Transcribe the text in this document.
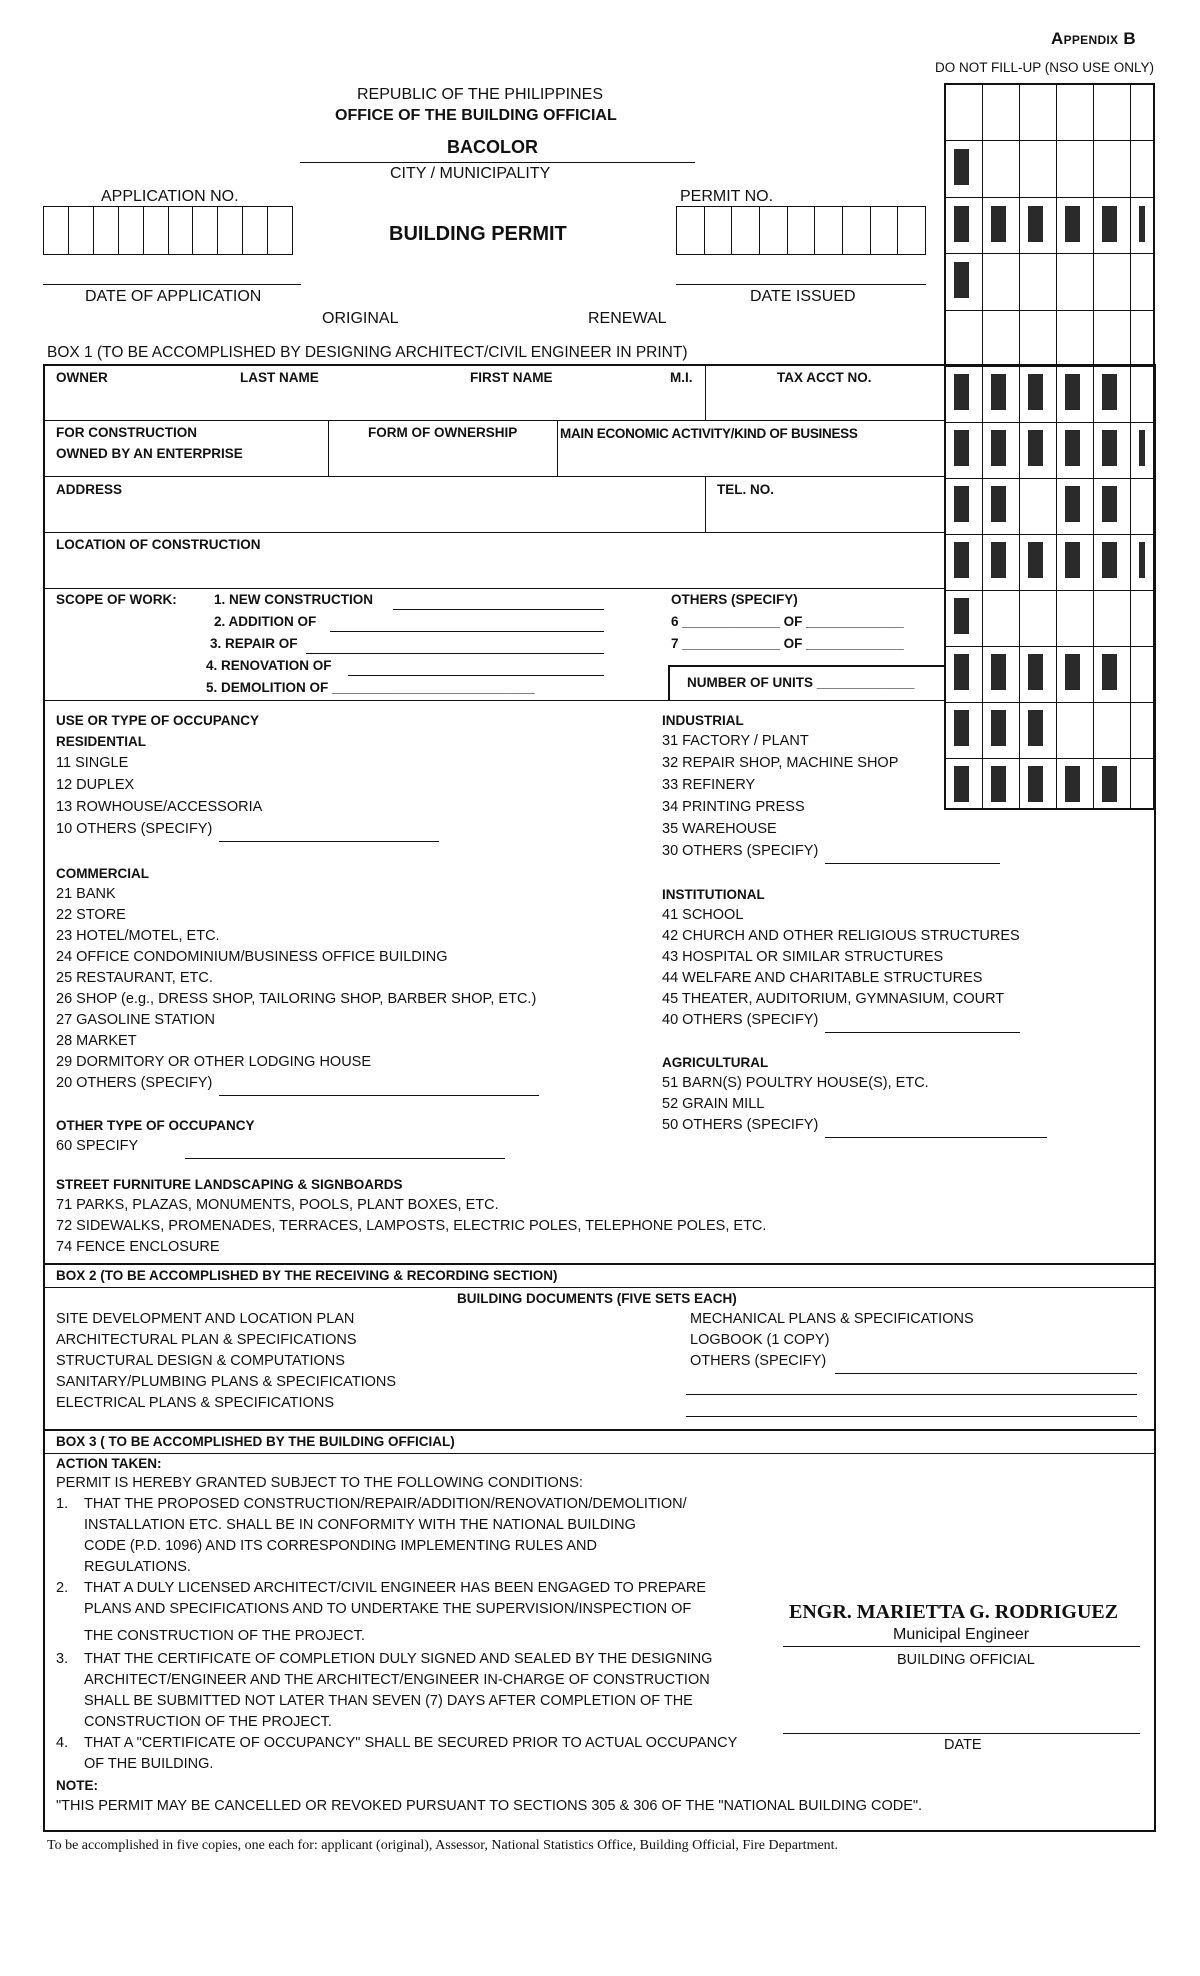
Appendix B
DO NOT FILL-UP (NSO USE ONLY)
REPUBLIC OF THE PHILIPPINES
OFFICE OF THE BUILDING OFFICIAL
BACOLOR
CITY / MUNICIPALITY
APPLICATION NO.	PERMIT NO.
BUILDING PERMIT
DATE OF APPLICATION	DATE ISSUED
ORIGINAL	RENEWAL
BOX 1 (TO BE ACCOMPLISHED BY DESIGNING ARCHITECT/CIVIL ENGINEER IN PRINT)
OWNER	LAST NAME	FIRST NAME	M.I.	TAX ACCT NO.
FOR CONSTRUCTION
OWNED BY AN ENTERPRISE
FORM OF OWNERSHIP	MAIN ECONOMIC ACTIVITY/KIND OF BUSINESS
ADDRESS	TEL. NO.
LOCATION OF CONSTRUCTION
SCOPE OF WORK:	1. NEW CONSTRUCTION
2. ADDITION OF
3. REPAIR OF
4. RENOVATION OF
5. DEMOLITION OF ___________________________
OTHERS (SPECIFY)
6 _____________ OF _____________
7 _____________ OF _____________
NUMBER OF UNITS _____________
USE OR TYPE OF OCCUPANCY
RESIDENTIAL
11 SINGLE
12 DUPLEX
13 ROWHOUSE/ACCESSORIA
10 OTHERS (SPECIFY)
COMMERCIAL
21 BANK
22 STORE
23 HOTEL/MOTEL, ETC.
24 OFFICE CONDOMINIUM/BUSINESS OFFICE BUILDING
25 RESTAURANT, ETC.
26 SHOP (e.g., DRESS SHOP, TAILORING SHOP, BARBER SHOP, ETC.)
27 GASOLINE STATION
28 MARKET
29 DORMITORY OR OTHER LODGING HOUSE
20 OTHERS (SPECIFY)
OTHER TYPE OF OCCUPANCY
60 SPECIFY
STREET FURNITURE LANDSCAPING & SIGNBOARDS
71 PARKS, PLAZAS, MONUMENTS, POOLS, PLANT BOXES, ETC.
72 SIDEWALKS, PROMENADES, TERRACES, LAMPOSTS, ELECTRIC POLES, TELEPHONE POLES, ETC.
74 FENCE ENCLOSURE
INDUSTRIAL
31 FACTORY / PLANT
32 REPAIR SHOP, MACHINE SHOP
33 REFINERY
34 PRINTING PRESS
35 WAREHOUSE
30 OTHERS (SPECIFY)
INSTITUTIONAL
41 SCHOOL
42 CHURCH AND OTHER RELIGIOUS STRUCTURES
43 HOSPITAL OR SIMILAR STRUCTURES
44 WELFARE AND CHARITABLE STRUCTURES
45 THEATER, AUDITORIUM, GYMNASIUM, COURT
40 OTHERS (SPECIFY)
AGRICULTURAL
51 BARN(S) POULTRY HOUSE(S), ETC.
52 GRAIN MILL
50 OTHERS (SPECIFY)
BOX 2 (TO BE ACCOMPLISHED BY THE RECEIVING & RECORDING SECTION)
BUILDING DOCUMENTS (FIVE SETS EACH)
SITE DEVELOPMENT AND LOCATION PLAN
ARCHITECTURAL PLAN & SPECIFICATIONS
STRUCTURAL DESIGN & COMPUTATIONS
SANITARY/PLUMBING PLANS & SPECIFICATIONS
ELECTRICAL PLANS & SPECIFICATIONS
MECHANICAL PLANS & SPECIFICATIONS
LOGBOOK (1 COPY)
OTHERS (SPECIFY)
BOX 3 ( TO BE ACCOMPLISHED BY THE BUILDING OFFICIAL)
ACTION TAKEN:
PERMIT IS HEREBY GRANTED SUBJECT TO THE FOLLOWING CONDITIONS:
1. THAT THE PROPOSED CONSTRUCTION/REPAIR/ADDITION/RENOVATION/DEMOLITION/
INSTALLATION ETC. SHALL BE IN CONFORMITY WITH THE NATIONAL BUILDING
CODE (P.D. 1096) AND ITS CORRESPONDING IMPLEMENTING RULES AND
REGULATIONS.
2. THAT A DULY LICENSED ARCHITECT/CIVIL ENGINEER HAS BEEN ENGAGED TO PREPARE
PLANS AND SPECIFICATIONS AND TO UNDERTAKE THE SUPERVISION/INSPECTION OF
THE CONSTRUCTION OF THE PROJECT.
3. THAT THE CERTIFICATE OF COMPLETION DULY SIGNED AND SEALED BY THE DESIGNING
ARCHITECT/ENGINEER AND THE ARCHITECT/ENGINEER IN-CHARGE OF CONSTRUCTION
SHALL BE SUBMITTED NOT LATER THAN SEVEN (7) DAYS AFTER COMPLETION OF THE
CONSTRUCTION OF THE PROJECT.
4. THAT A "CERTIFICATE OF OCCUPANCY" SHALL BE SECURED PRIOR TO ACTUAL OCCUPANCY
OF THE BUILDING.
NOTE:
"THIS PERMIT MAY BE CANCELLED OR REVOKED PURSUANT TO SECTIONS 305 & 306 OF THE "NATIONAL BUILDING CODE".
ENGR. MARIETTA G. RODRIGUEZ
Municipal Engineer
BUILDING OFFICIAL
DATE
To be accomplished in five copies, one each for: applicant (original), Assessor, National Statistics Office, Building Official, Fire Department.
